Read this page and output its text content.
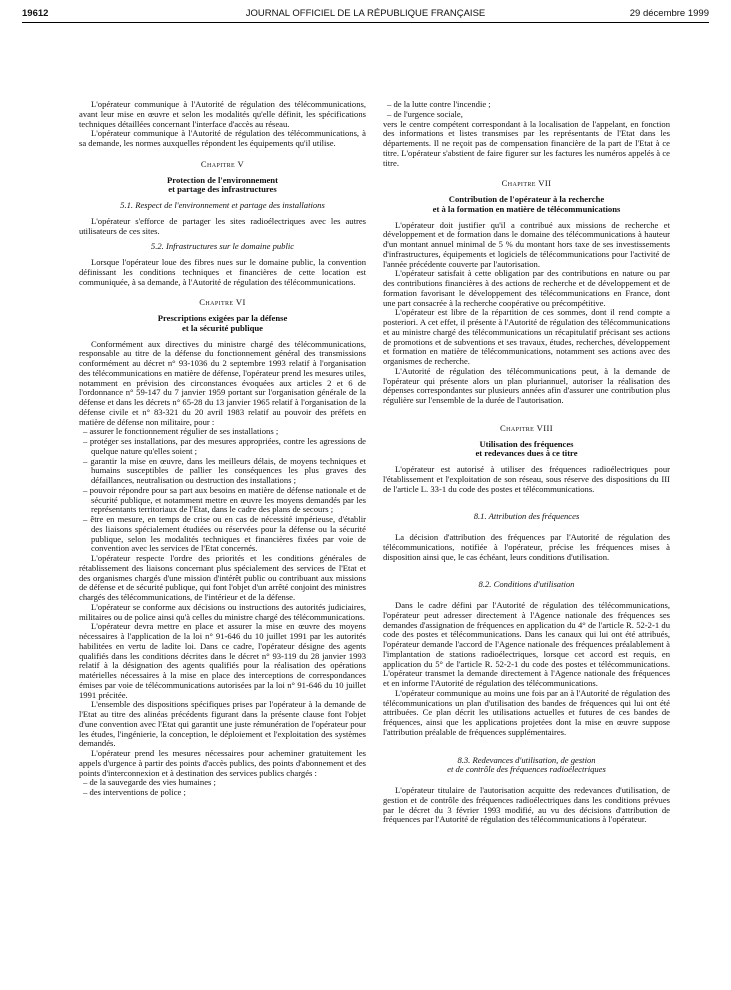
19612	JOURNAL OFFICIEL DE LA RÉPUBLIQUE FRANÇAISE	29 décembre 1999

L'opérateur communique à l'Autorité de régulation des télécommunications, avant leur mise en œuvre et selon les modalités qu'elle définit, les spécifications techniques détaillées concernant l'interface d'accès au réseau.

L'opérateur communique à l'Autorité de régulation des télécommunications, à sa demande, les normes auxquelles répondent les équipements qu'il utilise.

Chapitre V
Protection de l'environnement
et partage des infrastructures
5.1. Respect de l'environnement et partage des installations

L'opérateur s'efforce de partager les sites radioélectriques avec les autres utilisateurs de ces sites.

5.2. Infrastructures sur le domaine public

Lorsque l'opérateur loue des fibres nues sur le domaine public, la convention définissant les conditions techniques et financières de cette location est communiquée, à sa demande, à l'Autorité de régulation des télécommunications.

Chapitre VI
Prescriptions exigées par la défense
et la sécurité publique

Conformément aux directives du ministre chargé des télécommunications, responsable au titre de la défense du fonctionnement général des transmissions conformément au décret n° 93-1036 du 2 septembre 1993 relatif à l'organisation des télécommunications en matière de défense, l'opérateur prend les mesures utiles, notamment en prévision des circonstances évoquées aux articles 2 et 6 de l'ordonnance n° 59-147 du 7 janvier 1959 portant sur l'organisation générale de la défense et dans les décrets n° 65-28 du 13 janvier 1965 relatif à l'organisation de la défense civile et n° 83-321 du 20 avril 1983 relatif au pouvoir des préfets en matière de défense non militaire, pour :

– assurer le fonctionnement régulier de ses installations ;
– protéger ses installations, par des mesures appropriées, contre les agressions de quelque nature qu'elles soient ;
– garantir la mise en œuvre, dans les meilleurs délais, de moyens techniques et humains susceptibles de pallier les conséquences les plus graves des défaillances, neutralisation ou destruction des installations ;
– pouvoir répondre pour sa part aux besoins en matière de défense nationale et de sécurité publique, et notamment mettre en œuvre les moyens demandés par les représentants territoriaux de l'Etat, dans le cadre des plans de secours ;
– être en mesure, en temps de crise ou en cas de nécessité impérieuse, d'établir des liaisons spécialement étudiées ou réservées pour la défense ou la sécurité publique, selon les modalités techniques et financières fixées par voie de convention avec les services de l'Etat concernés.

L'opérateur respecte l'ordre des priorités et les conditions générales de rétablissement des liaisons concernant plus spécialement des services de l'Etat et des organismes chargés d'une mission d'intérêt public ou contribuant aux missions de défense et de sécurité publique, qui font l'objet d'un arrêté conjoint des ministres chargés des télécommunications, de l'intérieur et de la défense.

L'opérateur se conforme aux décisions ou instructions des autorités judiciaires, militaires ou de police ainsi qu'à celles du ministre chargé des télécommunications.

L'opérateur devra mettre en place et assurer la mise en œuvre des moyens nécessaires à l'application de la loi n° 91-646 du 10 juillet 1991 par les autorités habilitées en vertu de ladite loi. Dans ce cadre, l'opérateur désigne des agents qualifiés dans les conditions décrites dans le décret n° 93-119 du 28 janvier 1993 relatif à la désignation des agents qualifiés pour la réalisation des opérations matérielles nécessaires à la mise en place des interceptions de correspondances émises par voie de télécommunications autorisées par la loi n° 91-646 du 10 juillet 1991 précitée.

L'ensemble des dispositions spécifiques prises par l'opérateur à la demande de l'Etat au titre des alinéas précédents figurant dans la présente clause font l'objet d'une convention avec l'Etat qui garantit une juste rémunération de l'opérateur pour les études, l'ingénierie, la conception, le déploiement et l'exploitation des systèmes demandés.

L'opérateur prend les mesures nécessaires pour acheminer gratuitement les appels d'urgence à partir des points d'accès publics, des points d'abonnement et des points d'interconnexion et à destination des services publics chargés :

– de la sauvegarde des vies humaines ;
– des interventions de police ;
– de la lutte contre l'incendie ;
– de l'urgence sociale,

vers le centre compétent correspondant à la localisation de l'appelant, en fonction des informations et listes transmises par les représentants de l'Etat dans les départements. Il ne reçoit pas de compensation financière de la part de l'Etat à ce titre. L'opérateur s'abstient de faire figurer sur les factures les numéros appelés à ce titre.

Chapitre VII
Contribution de l'opérateur à la recherche
et à la formation en matière de télécommunications

L'opérateur doit justifier qu'il a contribué aux missions de recherche et développement et de formation dans le domaine des télécommunications à hauteur d'un montant annuel minimal de 5 % du montant hors taxe de ses investissements d'infrastructures, équipements et logiciels de télécommunications pour l'activité de l'année précédente couverte par l'autorisation.

L'opérateur satisfait à cette obligation par des contributions en nature ou par des contributions financières à des actions de recherche et de développement et de formation favorisant le développement des télécommunications en France, dont une part consacrée à la recherche coopérative ou précompétitive.

L'opérateur est libre de la répartition de ces sommes, dont il rend compte a posteriori. A cet effet, il présente à l'Autorité de régulation des télécommunications et au ministre chargé des télécommunications un récapitulatif précisant ses actions de promotions et de subventions et ses travaux, études, recherches, développement et formation en matière de télécommunications, notamment ses actions avec des organismes de recherche.

L'Autorité de régulation des télécommunications peut, à la demande de l'opérateur qui présente alors un plan pluriannuel, autoriser la réalisation des dépenses correspondantes sur plusieurs années afin d'assurer une contribution plus régulière sur l'ensemble de la durée de l'autorisation.

Chapitre VIII
Utilisation des fréquences
et redevances dues à ce titre

L'opérateur est autorisé à utiliser des fréquences radioélectriques pour l'établissement et l'exploitation de son réseau, sous réserve des dispositions du III de l'article L. 33-1 du code des postes et télécommunications.

8.1. Attribution des fréquences

La décision d'attribution des fréquences par l'Autorité de régulation des télécommunications, notifiée à l'opérateur, précise les fréquences mises à disposition ainsi que, le cas échéant, leurs conditions d'utilisation.

8.2. Conditions d'utilisation

Dans le cadre défini par l'Autorité de régulation des télécommunications, l'opérateur peut adresser directement à l'Agence nationale des fréquences ses demandes d'assignation de fréquences en application du 4° de l'article R. 52-2-1 du code des postes et télécommunications. Dans les canaux qui lui ont été attribués, l'opérateur demande l'accord de l'Agence nationale des fréquences préalablement à l'implantation de stations radioélectriques, lorsque cet accord est requis, en application du 5° de l'article R. 52-2-1 du code des postes et télécommunications. L'opérateur transmet la demande directement à l'Agence nationale des fréquences et en informe l'Autorité de régulation des télécommunications.

L'opérateur communique au moins une fois par an à l'Autorité de régulation des télécommunications un plan d'utilisation des bandes de fréquences qui lui ont été attribuées. Ce plan décrit les utilisations actuelles et futures de ces bandes de fréquences, ainsi que les applications projetées dont la mise en œuvre suppose l'attribution préalable de fréquences supplémentaires.

8.3. Redevances d'utilisation, de gestion
et de contrôle des fréquences radioélectriques

L'opérateur titulaire de l'autorisation acquitte des redevances d'utilisation, de gestion et de contrôle des fréquences radioélectriques dans les conditions prévues par le décret du 3 février 1993 modifié, au vu des décisions d'attribution de fréquences par l'Autorité de régulation des télécommunications à l'opérateur.
